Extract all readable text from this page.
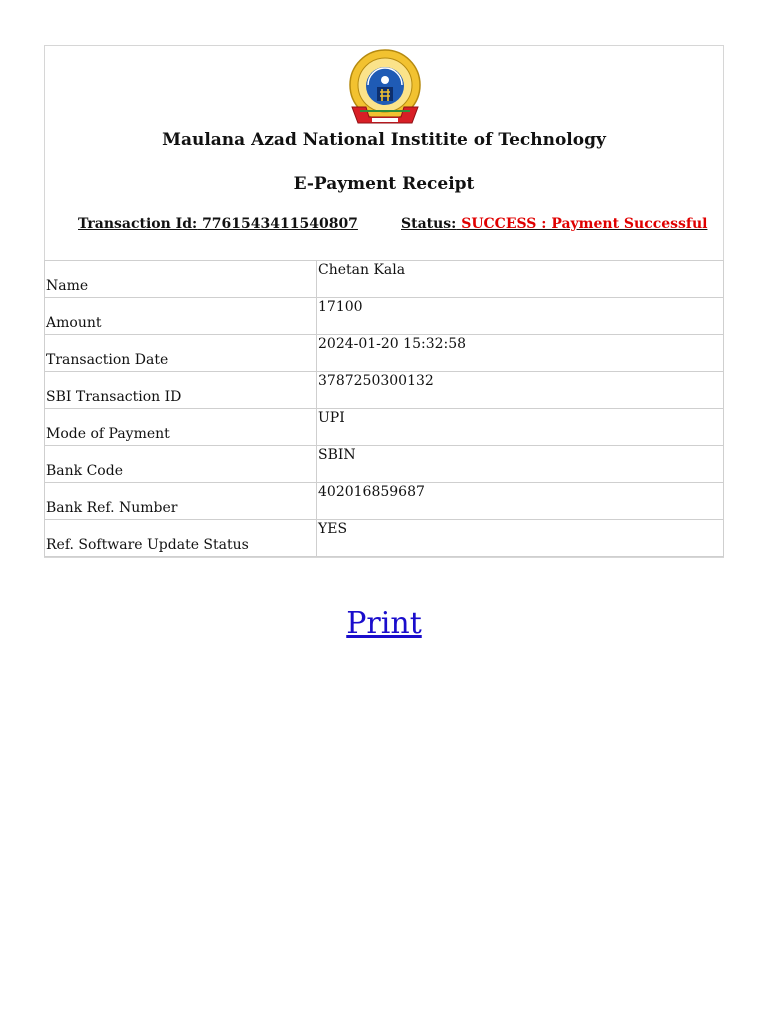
Maulana Azad National Institite of Technology
E-Payment Receipt
Transaction Id: 7761543411540807	Status: SUCCESS : Payment Successful
Name	Chetan Kala
Amount	17100
Transaction Date	2024-01-20 15:32:58
SBI Transaction ID	3787250300132
Mode of Payment	UPI
Bank Code	SBIN
Bank Ref. Number	402016859687
Ref. Software Update Status	YES
Print
